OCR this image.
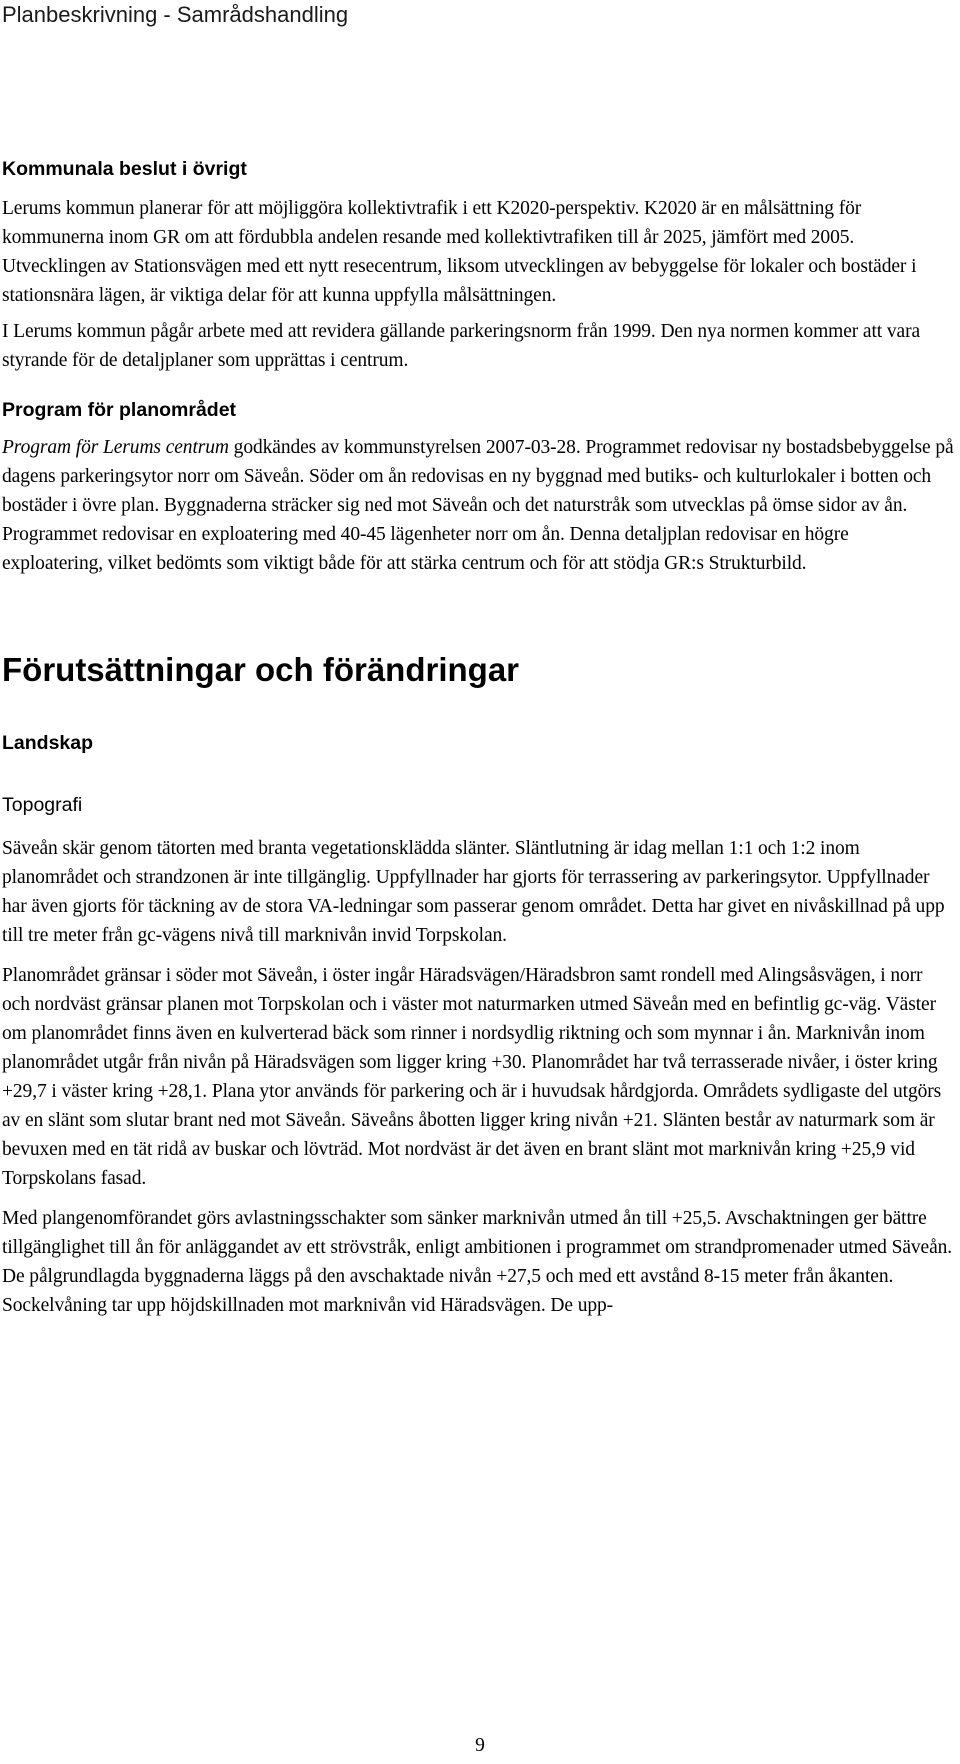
Planbeskrivning - Samrådshandling
Kommunala beslut i övrigt

Lerums kommun planerar för att möjliggöra kollektivtrafik i ett K2020-perspektiv. K2020 är en målsättning för kommunerna inom GR om att fördubbla andelen resande med kollektivtrafiken till år 2025, jämfört med 2005. Utvecklingen av Stationsvägen med ett nytt resecentrum, liksom utvecklingen av bebyggelse för lokaler och bostäder i stationsnära lägen, är viktiga delar för att kunna uppfylla målsättningen.

I Lerums kommun pågår arbete med att revidera gällande parkeringsnorm från 1999. Den nya normen kommer att vara styrande för de detaljplaner som upprättas i centrum.

Program för planområdet

Program för Lerums centrum godkändes av kommunstyrelsen 2007-03-28. Programmet redovisar ny bostadsbebyggelse på dagens parkeringsytor norr om Säveån. Söder om ån redovisas en ny byggnad med butiks- och kulturlokaler i botten och bostäder i övre plan. Byggnaderna sträcker sig ned mot Säveån och det naturstråk som utvecklas på ömse sidor av ån. Programmet redovisar en exploatering med 40-45 lägenheter norr om ån. Denna detaljplan redovisar en högre exploatering, vilket bedömts som viktigt både för att stärka centrum och för att stödja GR:s Strukturbild.

Förutsättningar och förändringar
Landskap
Topografi

Säveån skär genom tätorten med branta vegetationsklädda slänter. Släntlutning är idag mellan 1:1 och 1:2 inom planområdet och strandzonen är inte tillgänglig. Uppfyllnader har gjorts för terrassering av parkeringsytor. Uppfyllnader har även gjorts för täckning av de stora VA-ledningar som passerar genom området. Detta har givet en nivåskillnad på upp till tre meter från gc-vägens nivå till marknivån invid Torpskolan.

Planområdet gränsar i söder mot Säveån, i öster ingår Häradsvägen/Häradsbron samt rondell med Alingsåsvägen, i norr och nordväst gränsar planen mot Torpskolan och i väster mot naturmarken utmed Säveån med en befintlig gc-väg. Väster om planområdet finns även en kulverterad bäck som rinner i nordsydlig riktning och som mynnar i ån. Marknivån inom planområdet utgår från nivån på Häradsvägen som ligger kring +30. Planområdet har två terrasserade nivåer, i öster kring +29,7 i väster kring +28,1. Plana ytor används för parkering och är i huvudsak hårdgjorda. Områdets sydligaste del utgörs av en slänt som slutar brant ned mot Säveån. Säveåns åbotten ligger kring nivån +21. Slänten består av naturmark som är bevuxen med en tät ridå av buskar och lövträd. Mot nordväst är det även en brant slänt mot marknivån kring +25,9 vid Torpskolans fasad.

Med plangenomförandet görs avlastningsschakter som sänker marknivån utmed ån till +25,5. Avschaktningen ger bättre tillgänglighet till ån för anläggandet av ett strövstråk, enligt ambitionen i programmet om strandpromenader utmed Säveån. De pålgrundlagda byggnaderna läggs på den avschaktade nivån +27,5 och med ett avstånd 8-15 meter från åkanten. Sockelvåning tar upp höjdskillnaden mot marknivån vid Häradsvägen. De upp-

9
